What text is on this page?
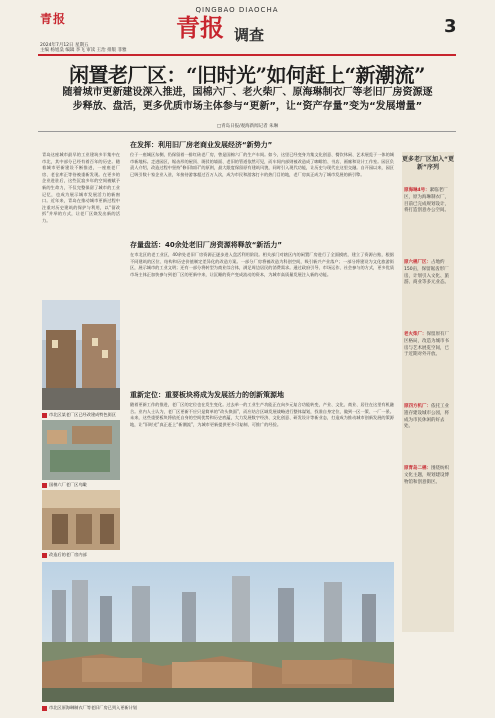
青报
2024年7月12日 星期五
主编 杨旭燊 编辑 李飞 审读 王治 排版 菲雅
QINGBAO DIAOCHA
青报 调查	3
闲置老厂区：“旧时光”如何赶上“新潮流”
随着城市更新建设深入推进，国棉六厂、老火柴厂、原海琳制衣厂等老旧厂房资源逐步释放、盘活，更多优质市场主体参与“更新”，让“资产存量”变为“发展增量”
□青岛日报/观海新闻记者 朱琳
青岛这座城市最早的工业建筑多半集中在市北，其中部分已经有着百年的历史。随着城市更新建设不断推进，一座座老厂房、老仓库正等待被重新发现。在更多的企业进驻后，这些沉寂多年的空间被赋予新的生命力，不仅完整保留了城市的工业记忆，也成为展示城市发展活力的新窗口。近年来，青岛在推动城市更新过程中注重对历史建筑的保护与利用，以“留改拆”并举的方式，让老厂区焕发出新的活力。
市北区某老厂区已经改建成特色街区
国棉六厂老厂区鸟瞰
改造后的老厂房内部
在发挥：利用旧厂房老商业发展经济“新势力”
位于一座城区东侧，仍保留着一排红砖老厂房，曾是国棉六厂的生产车间。如今，这里已经变身为集文化创意、餐饮休闲、艺术展览于一体的城市新地标。走进园区，锯齿形的屋顶、斑驳的墙面、老旧的管道依然可见，而车间内部则被改造成了咖啡馆、书店、画廊和设计工作室。园区负责人介绍，改造过程中坚持“修旧如旧”的原则，最大限度保留原有建筑风貌，同时引入现代功能，让历史与现代在这里交融。自开园以来，园区已吸引数十家企业入驻，年接待游客超过百万人次，成为市民和游客打卡的热门目的地，老厂房真正成为了城市发展的新引擎。
存量盘活：40余处老旧厂房资源将释放“新活力”
在市北区的老工业区，40余处老旧厂房资源正逐步进入盘活利用阶段。相关部门对辖区内的闲置厂房进行了全面摸底，建立了资源台账，根据不同建筑的区位、结构和历史价值制定差异化的改造方案。一部分厂房将被改造为科创空间，吸引新兴产业落户；一部分将建设为文化旅游街区，展示城市的工业文明；还有一部分将转型为商业综合体，满足周边居民的消费需求。通过政府引导、市场运作、社会参与的方式，更多优质市场主体正加快参与到老厂区的更新中来，让沉睡的资产变成流动的资本，为城市高质量发展注入新的动能。
重新定位：重要板块将成为发展活力的创新策源地
随着更新工作的推进，老厂区的定位也在发生变化。过去单一的工业生产功能正在向多元复合功能转变，产业、文化、商业、居住在这里有机融合。业内人士认为，老厂区更新不应只是简单的“改头换面”，而应结合区域发展战略进行整体谋划，找准自身定位，做到一区一策、一厂一景。未来，这些重要板块将依托自身的空间优势和历史底蕴，大力发展数字经济、文化创意、研发设计等新业态，打造成为推动城市创新发展的策源地，让“旧时光”真正赶上“新潮流”，为城市更新提供更多可复制、可推广的经验。
更多老厂区加入“更新”序列
原海琳4号：紧临老厂区，原为海琳制衣厂，目前已完成规划设计，将打造创意办公空间。
原六棉厂区：占地约150亩，保留锯齿形厂房，计划引入文化、旅游、商业等多元业态。
老火柴厂：保留原有厂区格局，改造为城市书房与艺术展览空间，已于近期对外开放。
原四方机厂：依托工业遗存建设城市公园，将成为市民休闲的好去处。
原青岛二棉：围绕纺织文化主题，规划建设博物馆和创意街区。
市北区原海琳制衣厂等老旧厂房已列入更新计划
